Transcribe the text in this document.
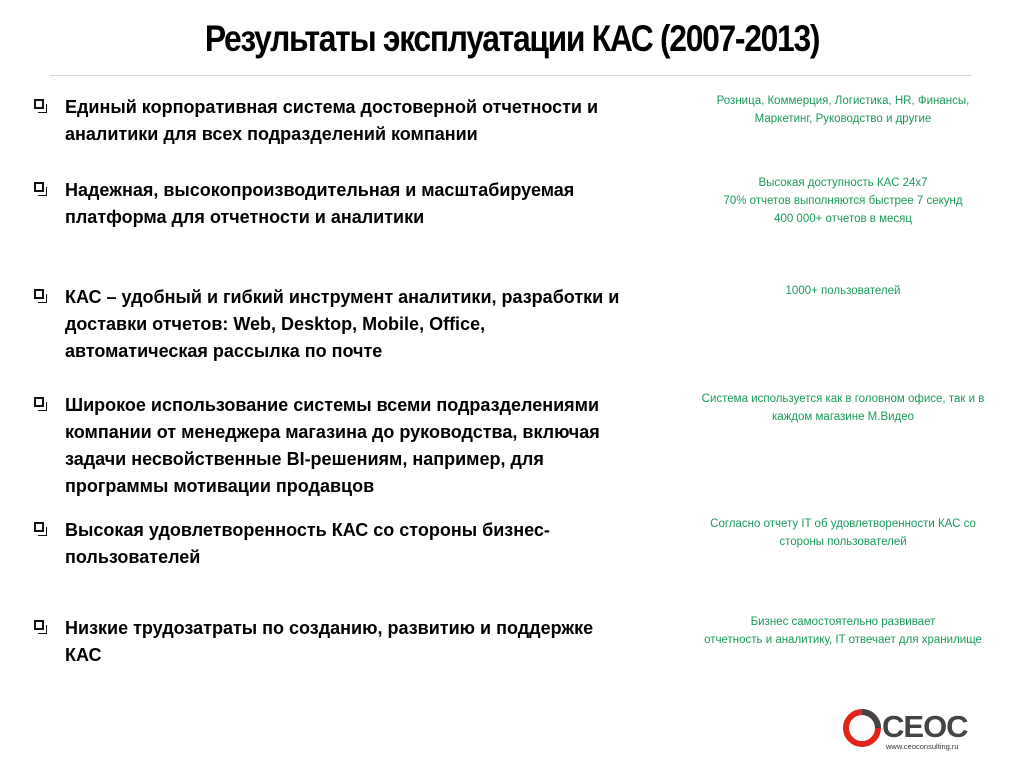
Результаты эксплуатации КАС (2007-2013)
Единый корпоративная система достоверной отчетности и
аналитики для всех подразделений компании
Розница, Коммерция, Логистика, HR, Финансы,
Маркетинг, Руководство и другие
Надежная, высокопроизводительная и масштабируемая
платформа для отчетности и аналитики
Высокая доступность КАС 24х7
70% отчетов выполняются быстрее 7 секунд
400 000+ отчетов в месяц
КАС – удобный и гибкий инструмент аналитики, разработки и
доставки отчетов: Web, Desktop, Mobile, Office,
автоматическая рассылка по почте
1000+ пользователей
Широкое использование системы всеми подразделениями
компании от менеджера магазина до руководства, включая
задачи несвойственные BI-решениям, например, для
программы мотивации продавцов
Система используется как в головном офисе, так и в
каждом магазине М.Видео
Высокая удовлетворенность КАС со стороны бизнес-
пользователей
Согласно отчету IT об удовлетворенности КАС со
стороны пользователей
Низкие трудозатраты по созданию, развитию и поддержке
КАС
Бизнес самостоятельно развивает
отчетность и аналитику, IT отвечает для хранилище
CEOC
www.ceoconsulting.ru
